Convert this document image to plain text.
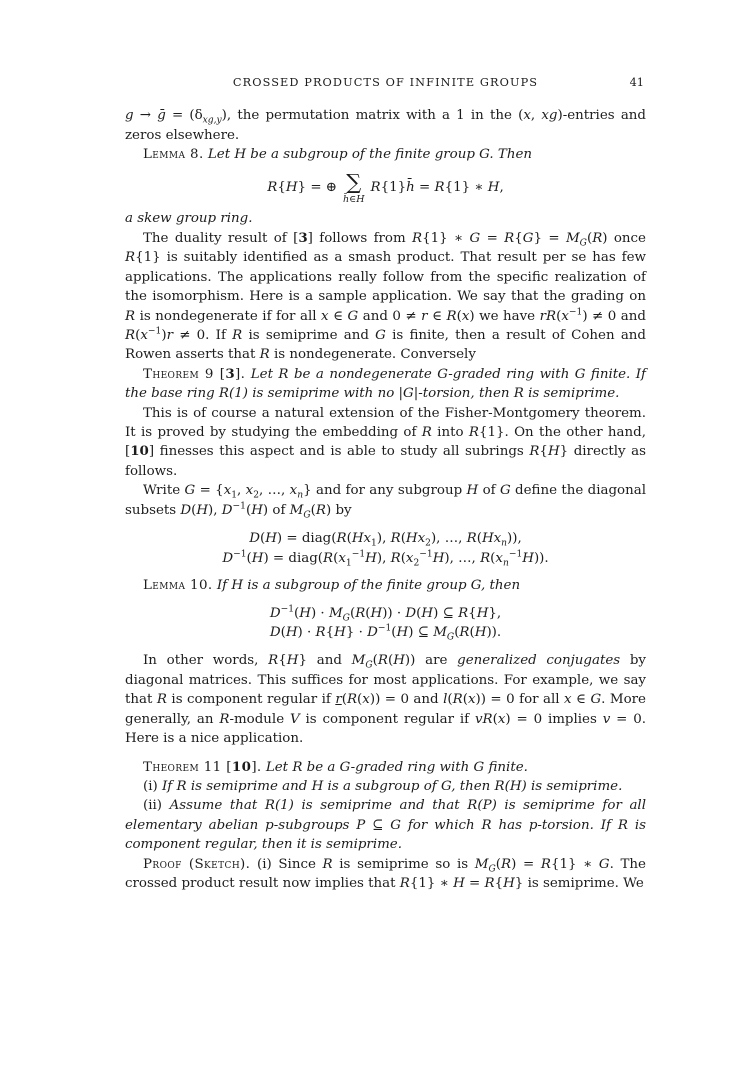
CROSSED PRODUCTS OF INFINITE GROUPS	41

g → ḡ = $(\delta_{xg,y})$, the permutation matrix with a 1 in the (x, xg)-entries and zeros elsewhere.

Lemma 8. Let H be a subgroup of the finite group G. Then

R{H} = ⊕ ∑
h̄∈H
R{1}h̄ = R{1} ∗ H,

a skew group ring.

The duality result of [3] follows from R{1} ∗ $G = R\{G\} = M_G(R)$ once R{1} is suitably identified as a smash product. That result per se has few applications. The applications really follow from the specific realization of the isomorphism. Here is a sample application. We say that the grading on R is nondegenerate if for all x ∈ G and 0 ≠ r ∈ R(x) we have $rR(x^{-1}) \ne 0$ and $R(x^{-1})r \ne 0$. If R is semiprime and G is finite, then a result of Cohen and Rowen asserts that R is nondegenerate. Conversely

Theorem 9 [3]. Let R be a nondegenerate G-graded ring with G finite. If the base ring R(1) is semiprime with no |G|-torsion, then R is semiprime.

This is of course a natural extension of the Fisher-Montgomery theorem. It is proved by studying the embedding of R into R{1}. On the other hand, [10] finesses this aspect and is able to study all subrings R{H} directly as follows.

Write $G = \{x_1$, $x_2$, …, $x_n$} and for any subgroup H of G define the diagonal subsets D(H), $D^{-1}(H)$ of $M_G(R)$ by

$D(H) = diag(R(Hx_1)$, $R(Hx_2)$, …, $R(Hx_n)$),
$D^{-1}(H)$ = $diag(R(x_1^{-1}H)$, $R(x_2^{-1}H)$, …, $R(x_n^{-1}H)$).

Lemma 10. If H is a subgroup of the finite group G, then

$D^{-1}(H) \cdot M_G(R(H)) \cdot D(H)$ ⊆ R{H},
$D(H) \cdot R\{H\} \cdot D^{-1}(H)$ ⊆ $M_G(R(H))$.

In other words, R{H} and $M_G(R(H))$ are generalized conjugates by diagonal matrices. This suffices for most applications. For example, we say that R is component regular if r(R(x)) = 0 and l(R(x)) = 0 for all x ∈ G. More generally, an R-module V is component regular if vR(x) = 0 implies v = 0. Here is a nice application.

Theorem 11 [10]. Let R be a G-graded ring with G finite.

(i) If R is semiprime and H is a subgroup of G, then R(H) is semiprime.

(ii) Assume that R(1) is semiprime and that R(P) is semiprime for all elementary abelian p-subgroups P ⊆ G for which R has p-torsion. If R is component regular, then it is semiprime.

Proof (Sketch). (i) Since R is semiprime so is $M_G(R) = R\{1\}$ ∗ G. The crossed product result now implies that R{1} ∗ H = R{H} is semiprime. We
